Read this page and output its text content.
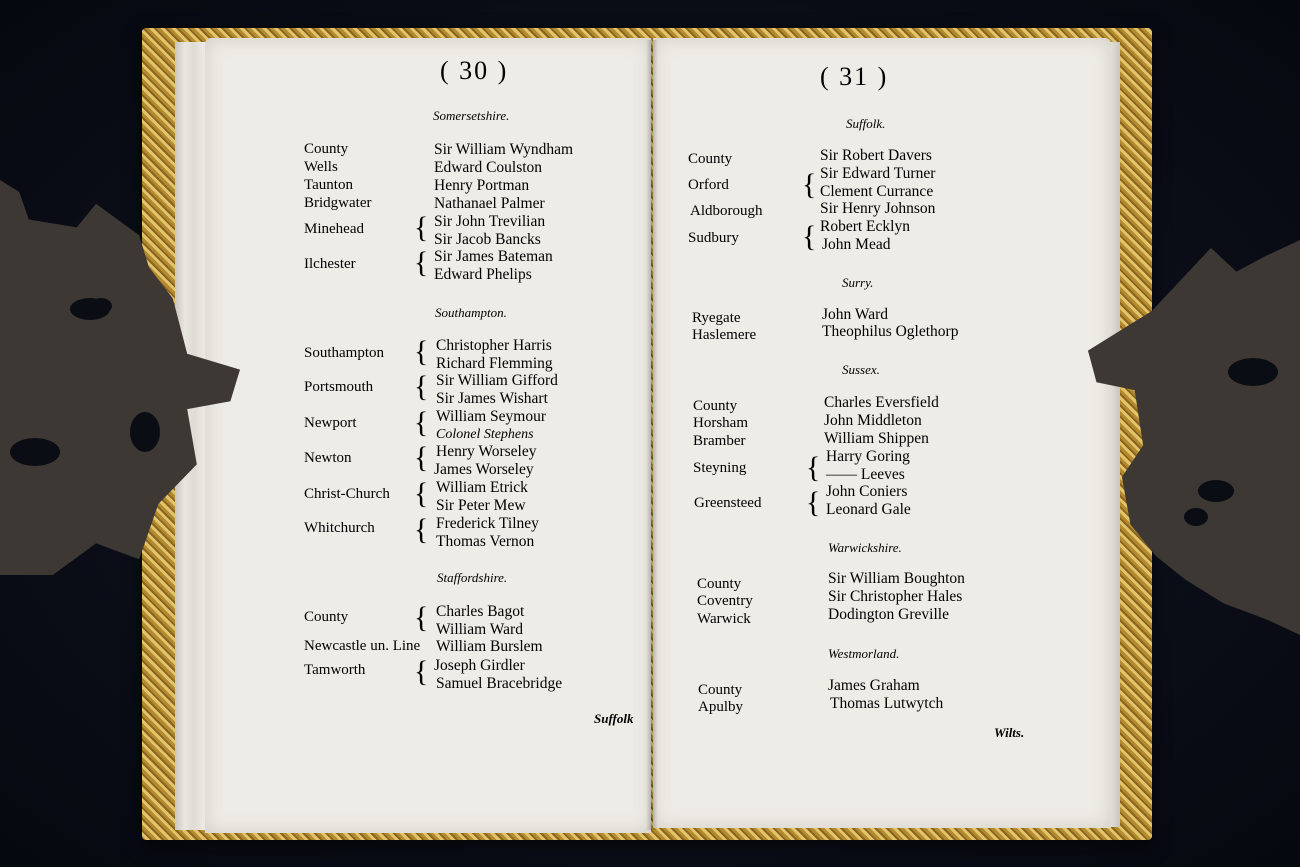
( 30 )
Somersetshire.
County	Sir William Wyndham
Wells	Edward Coulston
Taunton	Henry Portman
Bridgwater	Nathanael Palmer
Minehead { Sir John Trevilian
Sir Jacob Bancks
Ilchester { Sir James Bateman
Edward Phelips
Southampton.
Southampton { Christopher Harris
Richard Flemming
Portsmouth { Sir William Gifford
Sir James Wishart
Newport { William Seymour
Colonel Stephens
Newton { Henry Worseley
James Worseley
Christ-Church { William Etrick
Sir Peter Mew
Whitchurch { Frederick Tilney
Thomas Vernon
Staffordshire.
County { Charles Bagot
William Ward
Newcastle un. Line William Burslem
Tamworth { Joseph Girdler
Samuel Bracebridge
Suffolk
( 31 )
Suffolk.
County	Sir Robert Davers
Orford { Sir Edward Turner
Clement Currance
Aldborough	Sir Henry Johnson
Sudbury { Robert Ecklyn
John Mead
Surry.
Ryegate	John Ward
Haslemere	Theophilus Oglethorp
Sussex.
County	Charles Eversfield
Horsham	John Middleton
Bramber	William Shippen
Steyning { Harry Goring
—— Leeves
Greensteed { John Coniers
Leonard Gale
Warwickshire.
County	Sir William Boughton
Coventry	Sir Christopher Hales
Warwick	Dodington Greville
Westmorland.
County	James Graham
Apulby	Thomas Lutwytch
Wilts.
